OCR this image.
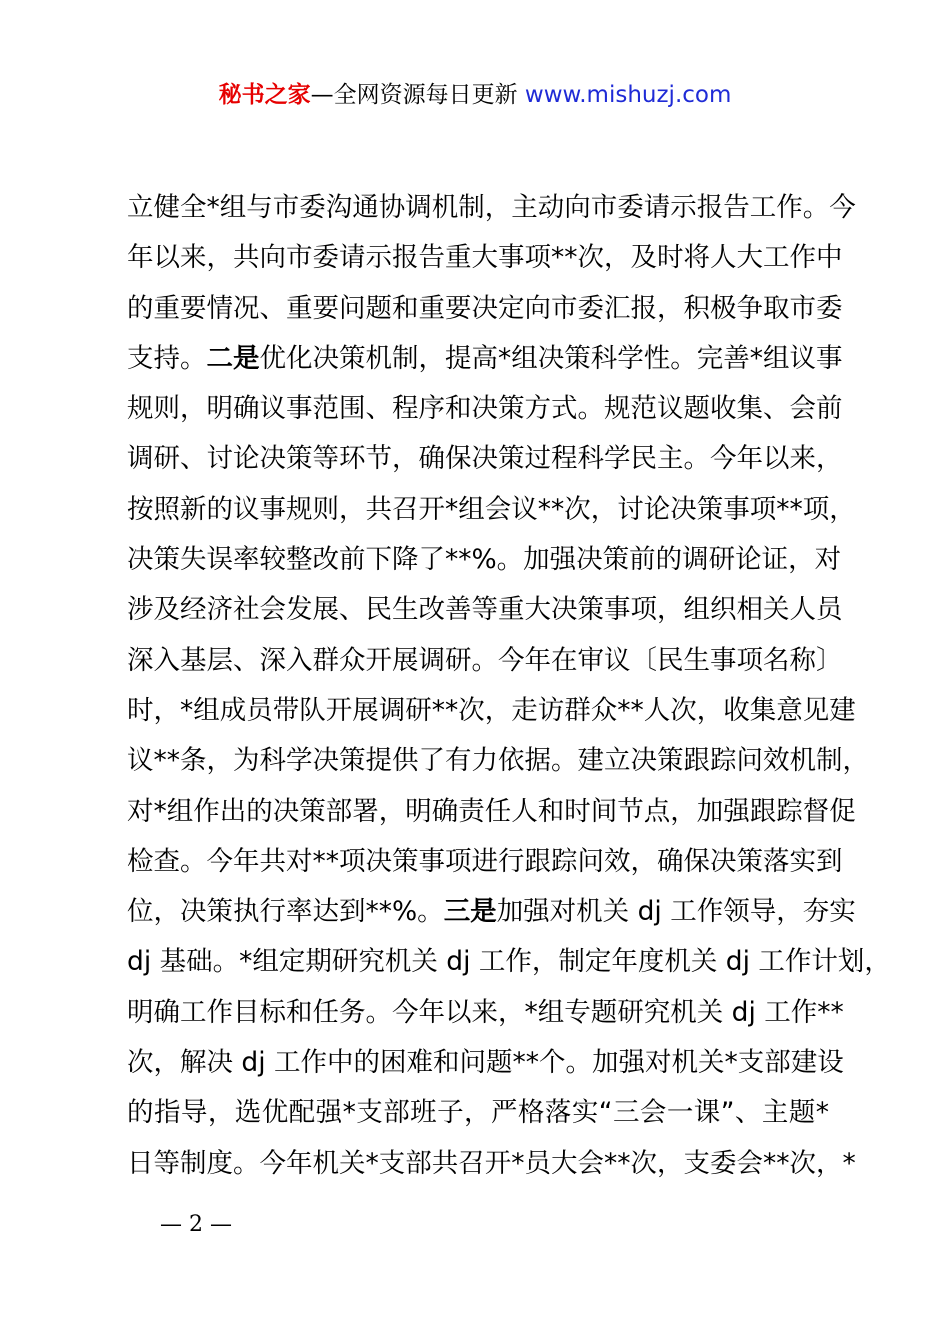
秘书之家—全网资源每日更新 www.mishuzj.com
立健全*组与市委沟通协调机制，主动向市委请示报告工作。今
年以来，共向市委请示报告重大事项**次，及时将人大工作中
的重要情况、重要问题和重要决定向市委汇报，积极争取市委
支持。二是优化决策机制，提高*组决策科学性。完善*组议事
规则，明确议事范围、程序和决策方式。规范议题收集、会前
调研、讨论决策等环节，确保决策过程科学民主。今年以来，
按照新的议事规则，共召开*组会议**次，讨论决策事项**项，
决策失误率较整改前下降了**%。加强决策前的调研论证，对
涉及经济社会发展、民生改善等重大决策事项，组织相关人员
深入基层、深入群众开展调研。今年在审议〔民生事项名称〕
时，*组成员带队开展调研**次，走访群众**人次，收集意见建
议**条，为科学决策提供了有力依据。建立决策跟踪问效机制，
对*组作出的决策部署，明确责任人和时间节点，加强跟踪督促
检查。今年共对**项决策事项进行跟踪问效，确保决策落实到
位，决策执行率达到**%。三是加强对机关 dj 工作领导，夯实
dj 基础。*组定期研究机关 dj 工作，制定年度机关 dj 工作计划，
明确工作目标和任务。今年以来，*组专题研究机关 dj 工作**
次，解决 dj 工作中的困难和问题**个。加强对机关*支部建设
的指导，选优配强*支部班子，严格落实“三会一课”、主题*
日等制度。今年机关*支部共召开*员大会**次，支委会**次，*
— 2 —
